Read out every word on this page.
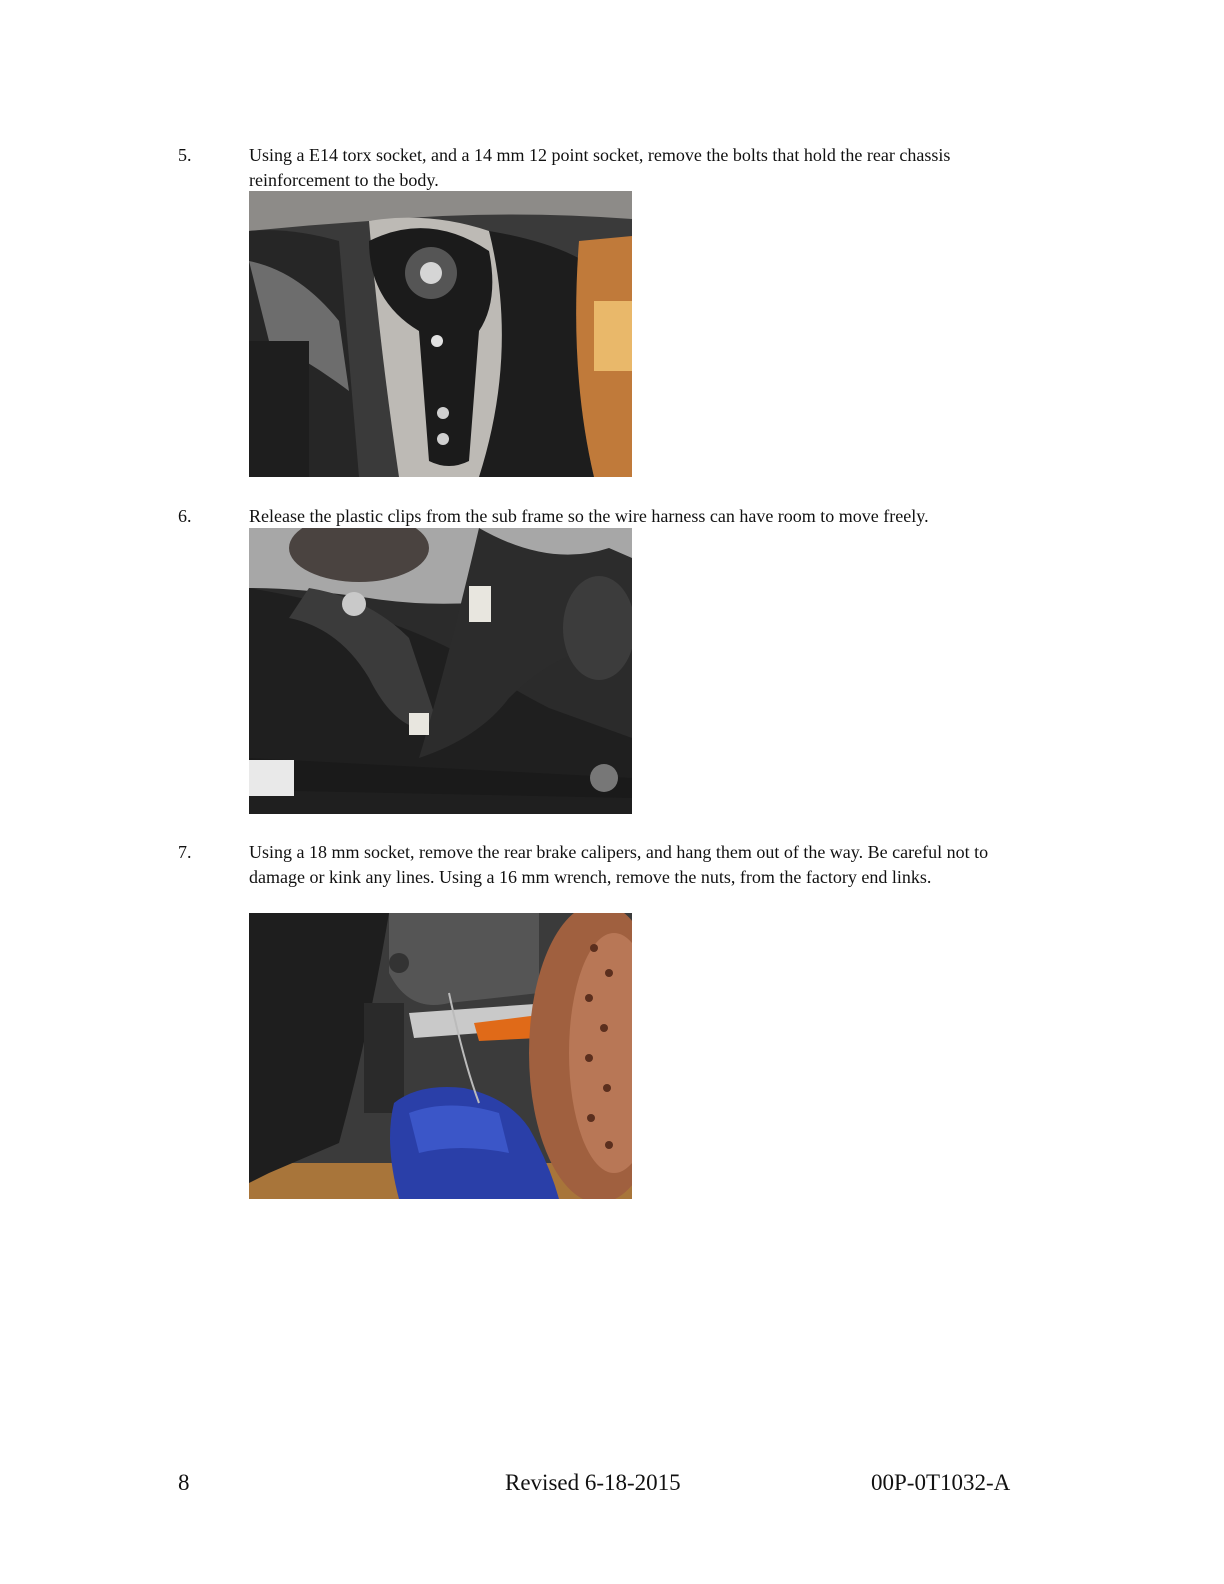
5.	Using a E14 torx socket, and a 14 mm 12 point socket, remove the bolts that hold the rear chassis reinforcement to the body.
6.	Release the plastic clips from the sub frame so the wire harness can have room to move freely.
7.	Using a 18 mm socket, remove the rear brake calipers, and hang them out of the way. Be careful not to damage or kink any lines. Using a 16 mm wrench, remove the nuts, from the factory end links.
8	Revised 6-18-2015	00P-0T1032-A
